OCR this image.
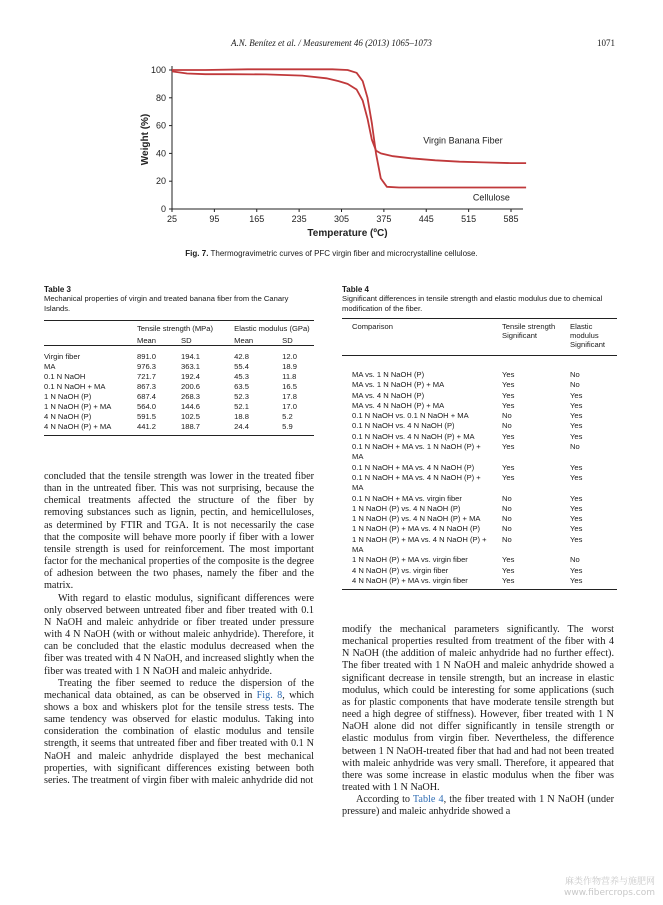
A.N. Benítez et al. / Measurement 46 (2013) 1065–1073	1071
25	95	165	235	305	375	445	515	585
0
20
40
60
80
100
Temperature (ºC)
Weight (%)	Virgin Banana Fiber
Cellulose
Fig. 7. Thermogravimetric curves of PFC virgin fiber and microcrystalline cellulose.
Table 3
Mechanical properties of virgin and treated banana fiber from the Canary Islands.
	Tensile strength (MPa)		Elastic modulus (GPa)	
	Mean	SD	Mean	SD
Virgin fiber	891.0	194.1	42.8	12.0
MA	976.3	363.1	55.4	18.9
0.1 N NaOH	721.7	192.4	45.3	11.8
0.1 N NaOH + MA	867.3	200.6	63.5	16.5
1 N NaOH (P)	687.4	268.3	52.3	17.8
1 N NaOH (P) + MA	564.0	144.6	52.1	17.0
4 N NaOH (P)	591.5	102.5	18.8	5.2
4 N NaOH (P) + MA	441.2	188.7	24.4	5.9
Table 4
Significant differences in tensile strength and elastic modulus due to chemical modification of the fiber.
Comparison	Tensile strength Significant	Elastic modulus Significant
MA vs. 1 N NaOH (P)	Yes	No
MA vs. 1 N NaOH (P) + MA	Yes	No
MA vs. 4 N NaOH (P)	Yes	Yes
MA vs. 4 N NaOH (P) + MA	Yes	Yes
0.1 N NaOH vs. 0.1 N NaOH + MA	No	Yes
0.1 N NaOH vs. 4 N NaOH (P)	No	Yes
0.1 N NaOH vs. 4 N NaOH (P) + MA	Yes	Yes
0.1 N NaOH + MA vs. 1 N NaOH (P) + MA	Yes	No
0.1 N NaOH + MA vs. 4 N NaOH (P)	Yes	Yes
0.1 N NaOH + MA vs. 4 N NaOH (P) + MA	Yes	Yes
0.1 N NaOH + MA vs. virgin fiber	No	Yes
1 N NaOH (P) vs. 4 N NaOH (P)	No	Yes
1 N NaOH (P) vs. 4 N NaOH (P) + MA	No	Yes
1 N NaOH (P) + MA vs. 4 N NaOH (P)	No	Yes
1 N NaOH (P) + MA vs. 4 N NaOH (P) + MA	No	Yes
1 N NaOH (P) + MA vs. virgin fiber	Yes	No
4 N NaOH (P) vs. virgin fiber	Yes	Yes
4 N NaOH (P) + MA vs. virgin fiber	Yes	Yes

concluded that the tensile strength was lower in the treated fiber than in the untreated fiber. This was not surprising, because the chemical treatments affected the structure of the fiber by removing substances such as lignin, pectin, and hemicelluloses, as determined by FTIR and TGA. It is not necessarily the case that the composite will behave more poorly if fiber with a lower tensile strength is used for reinforcement. The most important factor for the mechanical properties of the composite is the degree of adhesion between the two phases, namely the fiber and the matrix.

With regard to elastic modulus, significant differences were only observed between untreated fiber and fiber treated with 0.1 N NaOH and maleic anhydride or fiber treated under pressure with 4 N NaOH (with or without maleic anhydride). Therefore, it can be concluded that the elastic modulus decreased when the fiber was treated with 4 N NaOH, and increased slightly when the fiber was treated with 1 N NaOH and maleic anhydride.

Treating the fiber seemed to reduce the dispersion of the mechanical data obtained, as can be observed in Fig. 8, which shows a box and whiskers plot for the tensile stress tests. The same tendency was observed for elastic modulus. Taking into consideration the combination of elastic modulus and tensile strength, it seems that untreated fiber and fiber treated with 0.1 N NaOH and maleic anhydride displayed the best mechanical properties, with significant differences existing between both series. The treatment of virgin fiber with maleic anhydride did not

modify the mechanical parameters significantly. The worst mechanical properties resulted from treatment of the fiber with 4 N NaOH (the addition of maleic anhydride had no further effect). The fiber treated with 1 N NaOH and maleic anhydride showed a significant decrease in tensile strength, but an increase in elastic modulus, which could be interesting for some applications (such as for plastic components that have moderate tensile strength but need a high degree of stiffness). However, fiber treated with 1 N NaOH alone did not differ significantly in tensile strength or elastic modulus from virgin fiber. Nevertheless, the difference between 1 N NaOH-treated fiber that had and had not been treated with maleic anhydride was very small. Therefore, it appeared that there was some increase in elastic modulus when the fiber was treated with 1 N NaOH.

According to Table 4, the fiber treated with 1 N NaOH (under pressure) and maleic anhydride showed a

麻类作物营养与施肥网
www.fibercrops.com
